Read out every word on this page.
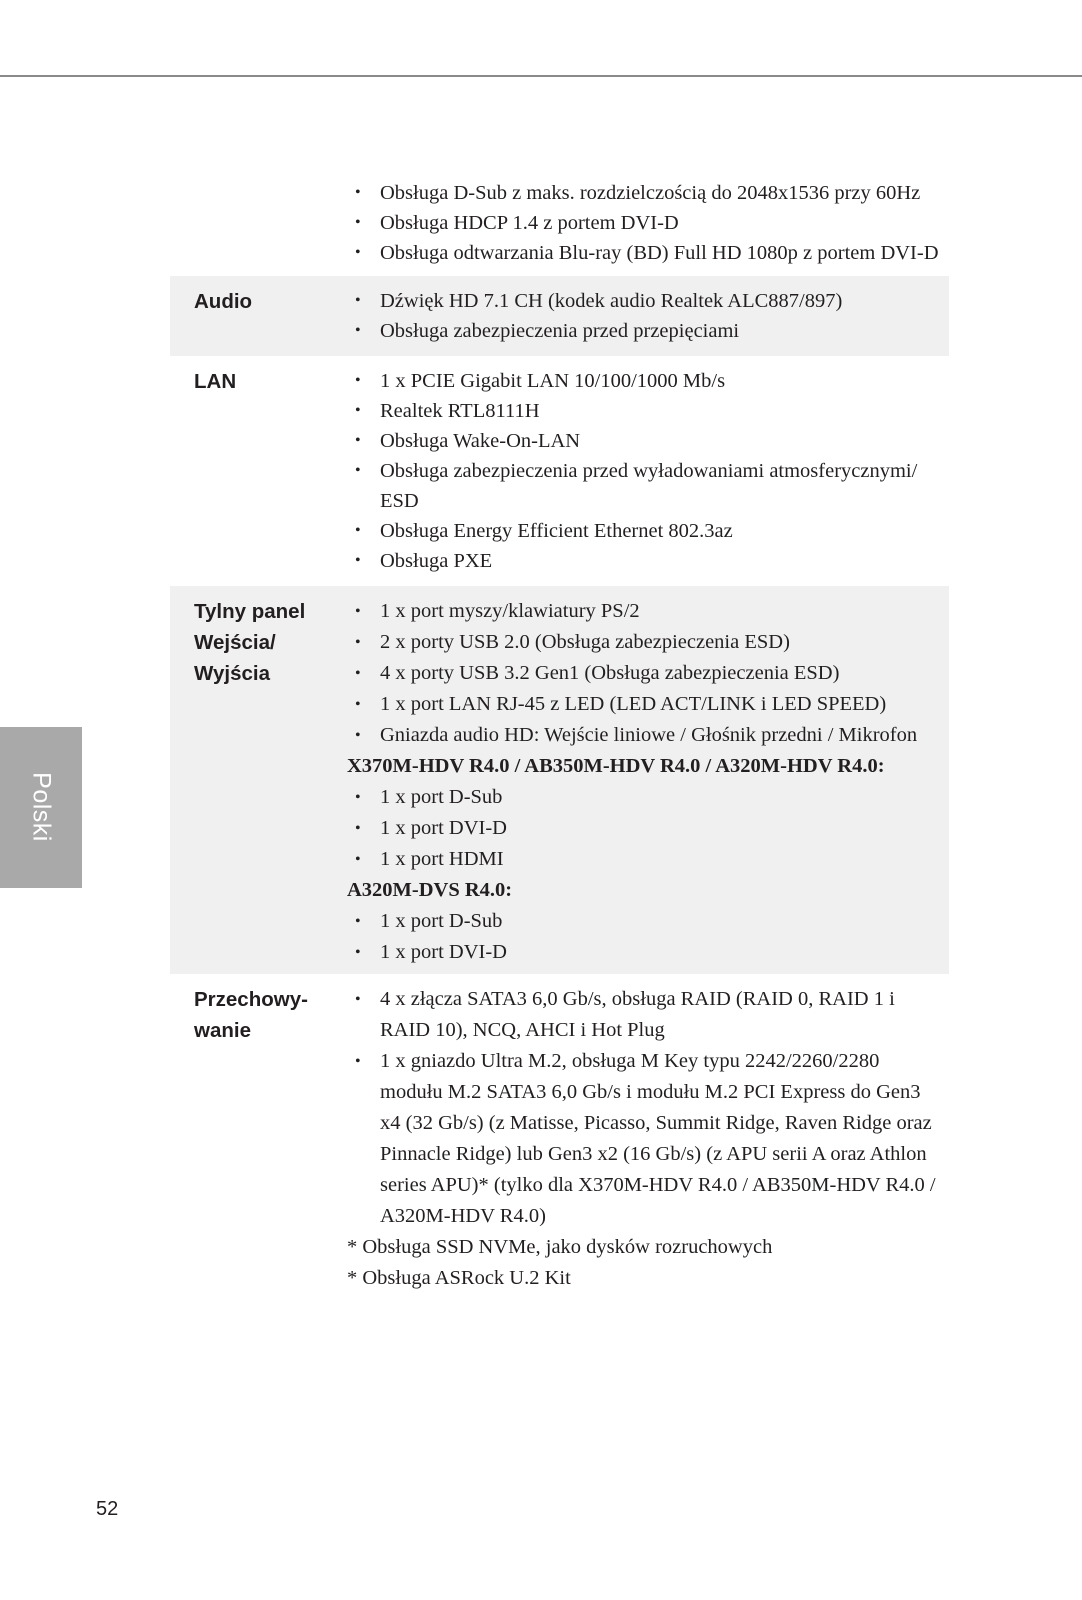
Polski
• Obsługa D-Sub z maks. rozdzielczością do 2048x1536 przy 60Hz
• Obsługa HDCP 1.4 z portem DVI-D
• Obsługa odtwarzania Blu-ray (BD) Full HD 1080p z portem DVI-D
Audio	• Dźwięk HD 7.1 CH (kodek audio Realtek ALC887/897)
• Obsługa zabezpieczenia przed przepięciami
LAN	• 1 x PCIE Gigabit LAN 10/100/1000 Mb/s
• Realtek RTL8111H
• Obsługa Wake-On-LAN
• Obsługa zabezpieczenia przed wyładowaniami atmosferycznymi/ ESD
• Obsługa Energy Efficient Ethernet 802.3az
• Obsługa PXE
Tylny panel
Wejścia/
Wyjścia
• 1 x port myszy/klawiatury PS/2
• 2 x porty USB 2.0 (Obsługa zabezpieczenia ESD)
• 4 x porty USB 3.2 Gen1 (Obsługa zabezpieczenia ESD)
• 1 x port LAN RJ-45 z LED (LED ACT/LINK i LED SPEED)
• Gniazda audio HD: Wejście liniowe / Głośnik przedni / Mikrofon
X370M-HDV R4.0 / AB350M-HDV R4.0 / A320M-HDV R4.0:
• 1 x port D-Sub
• 1 x port DVI-D
• 1 x port HDMI
A320M-DVS R4.0:
• 1 x port D-Sub
• 1 x port DVI-D
Przechowy-
wanie
• 4 x złącza SATA3 6,0 Gb/s, obsługa RAID (RAID 0, RAID 1 i RAID 10), NCQ, AHCI i Hot Plug
• 1 x gniazdo Ultra M.2, obsługa M Key typu 2242/2260/2280 modułu M.2 SATA3 6,0 Gb/s i modułu M.2 PCI Express do Gen3 x4 (32 Gb/s) (z Matisse, Picasso, Summit Ridge, Raven Ridge oraz Pinnacle Ridge) lub Gen3 x2 (16 Gb/s) (z APU serii A oraz Athlon series APU)* (tylko dla X370M-HDV R4.0 / AB350M-HDV R4.0 / A320M-HDV R4.0)
* Obsługa SSD NVMe, jako dysków rozruchowych
* Obsługa ASRock U.2 Kit
52
